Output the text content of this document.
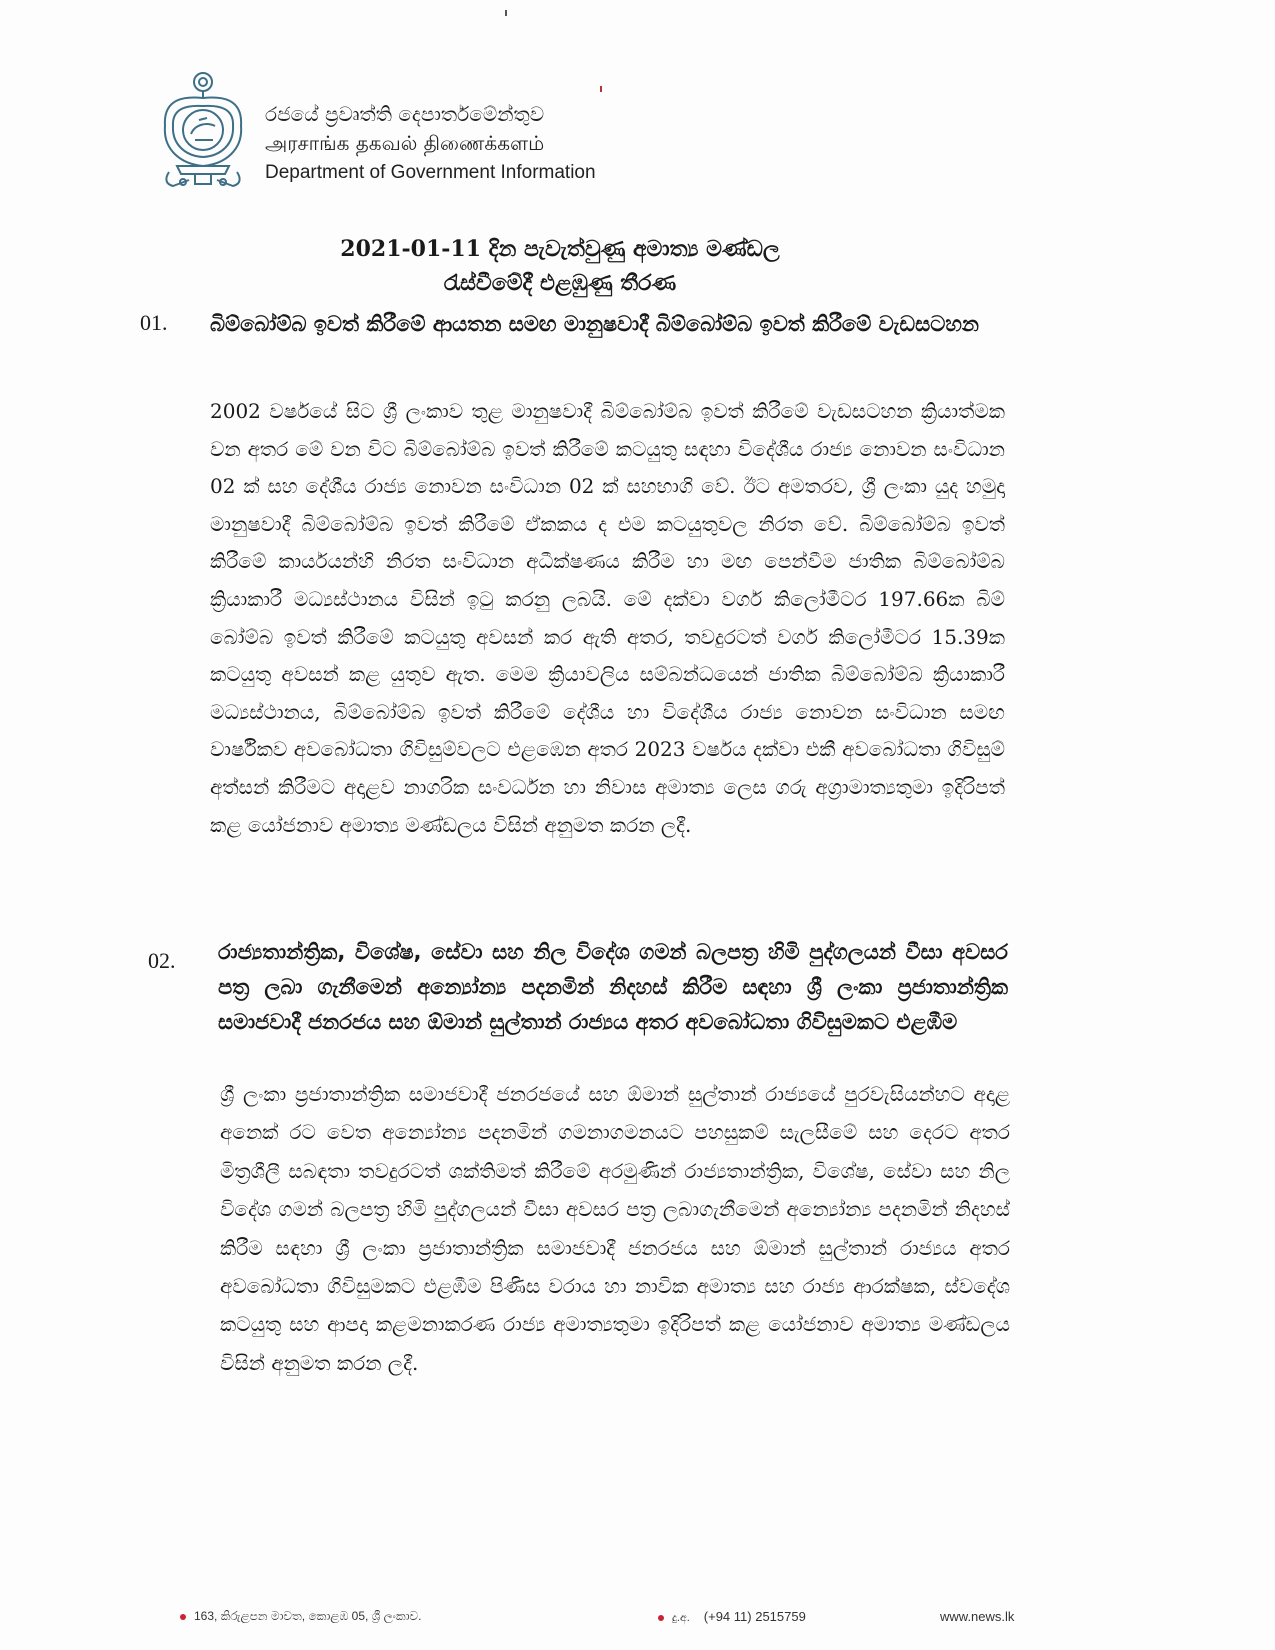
රජයේ ප්‍රවෘත්ති දෙපාර්තමේන්තුව
அரசாங்க தகவல் திணைக்களம்
Department of Government Information
2021-01-11 දින පැවැත්වුණු අමාත්‍ය මණ්ඩල
රැස්වීමේදී එළඹුණු තීරණ
01.	බිම්බෝම්බ ඉවත් කිරීමේ ආයතන සමඟ මානුෂවාදී බිම්බෝම්බ ඉවත් කිරීමේ වැඩසටහන
2002 වර්ෂයේ සිට ශ්‍රී ලංකාව තුළ මානුෂවාදී බිම්බෝම්බ ඉවත් කිරීමේ වැඩසටහන ක්‍රියාත්මක වන අතර මේ වන විට බිම්බෝම්බ ඉවත් කිරීමේ කටයුතු සඳහා විදේශීය රාජ්‍ය නොවන සංවිධාන 02 ක් සහ දේශීය රාජ්‍ය නොවන සංවිධාන 02 ක් සහභාගි වේ. ඊට අමතරව, ශ්‍රී ලංකා යුද හමුදා මානුෂවාදී බිම්බෝම්බ ඉවත් කිරීමේ ඒකකය ද එම කටයුතුවල නිරත වේ. බිම්බෝම්බ ඉවත් කිරීමේ කාර්යයන්හි නිරත සංවිධාන අධීක්ෂණය කිරීම හා මඟ පෙන්වීම ජාතික බිම්බෝම්බ ක්‍රියාකාරී මධ්‍යස්ථානය විසින් ඉටු කරනු ලබයි. මේ දක්වා වර්ග කිලෝමීටර 197.66ක බිම් බෝම්බ ඉවත් කිරීමේ කටයුතු අවසන් කර ඇති අතර, තවදුරටත් වර්ග කිලෝමීටර 15.39ක කටයුතු අවසන් කළ යුතුව ඇත. මෙම ක්‍රියාවලිය සම්බන්ධයෙන් ජාතික බිම්බෝම්බ ක්‍රියාකාරී මධ්‍යස්ථානය, බිම්බෝම්බ ඉවත් කිරීමේ දේශීය හා විදේශීය රාජ්‍ය නොවන සංවිධාන සමඟ වාර්ෂිකව අවබෝධතා ගිවිසුම්වලට එළඹෙන අතර 2023 වර්ෂය දක්වා එකී අවබෝධතා ගිවිසුම් අත්සන් කිරීමට අදාළව නාගරික සංවර්ධන හා නිවාස අමාත්‍ය ලෙස ගරු අග්‍රාමාත්‍යතුමා ඉදිරිපත් කළ යෝජනාව අමාත්‍ය මණ්ඩලය විසින් අනුමත කරන ලදී.
02.	රාජ්‍යතාන්ත්‍රික, විශේෂ, සේවා සහ නිල විදේශ ගමන් බලපත්‍ර හිමි පුද්ගලයන් වීසා අවසර පත්‍ර ලබා ගැනීමෙන් අන්‍යෝන්‍ය පදනමින් නිදහස් කිරීම සඳහා ශ්‍රී ලංකා ප්‍රජාතාන්ත්‍රික සමාජවාදී ජනරජය සහ ඕමාන් සුල්තාන් රාජ්‍යය අතර අවබෝධතා ගිවිසුමකට එළඹීම
ශ්‍රී ලංකා ප්‍රජාතාන්ත්‍රික සමාජවාදී ජනරජයේ සහ ඕමාන් සුල්තාන් රාජ්‍යයේ පුරවැසියන්හට අදාළ අනෙක් රට වෙත අන්‍යෝන්‍ය පදනමින් ගමනාගමනයට පහසුකම් සැලසීමේ සහ දෙරට අතර මිත්‍රශීලී සබඳතා තවදුරටත් ශක්තිමත් කිරීමේ අරමුණින් රාජ්‍යතාන්ත්‍රික, විශේෂ, සේවා සහ නිල විදේශ ගමන් බලපත්‍ර හිමි පුද්ගලයන් වීසා අවසර පත්‍ර ලබාගැනීමෙන් අන්‍යෝන්‍ය පදනමින් නිදහස් කිරීම සඳහා ශ්‍රී ලංකා ප්‍රජාතාන්ත්‍රික සමාජවාදී ජනරජය සහ ඕමාන් සුල්තාන් රාජ්‍යය අතර අවබෝධතා ගිවිසුමකට එළඹීම පිණිස වරාය හා නාවික අමාත්‍ය සහ රාජ්‍ය ආරක්ෂක, ස්වදේශ කටයුතු සහ ආපදා කළමනාකරණ රාජ්‍ය අමාත්‍යතුමා ඉදිරිපත් කළ යෝජනාව අමාත්‍ය මණ්ඩලය විසින් අනුමත කරන ලදී.
163, කිරුළපන මාවත, කොළඹ 05, ශ්‍රී ලංකාව.	දු.අ. (+94 11) 2515759	www.news.lk
